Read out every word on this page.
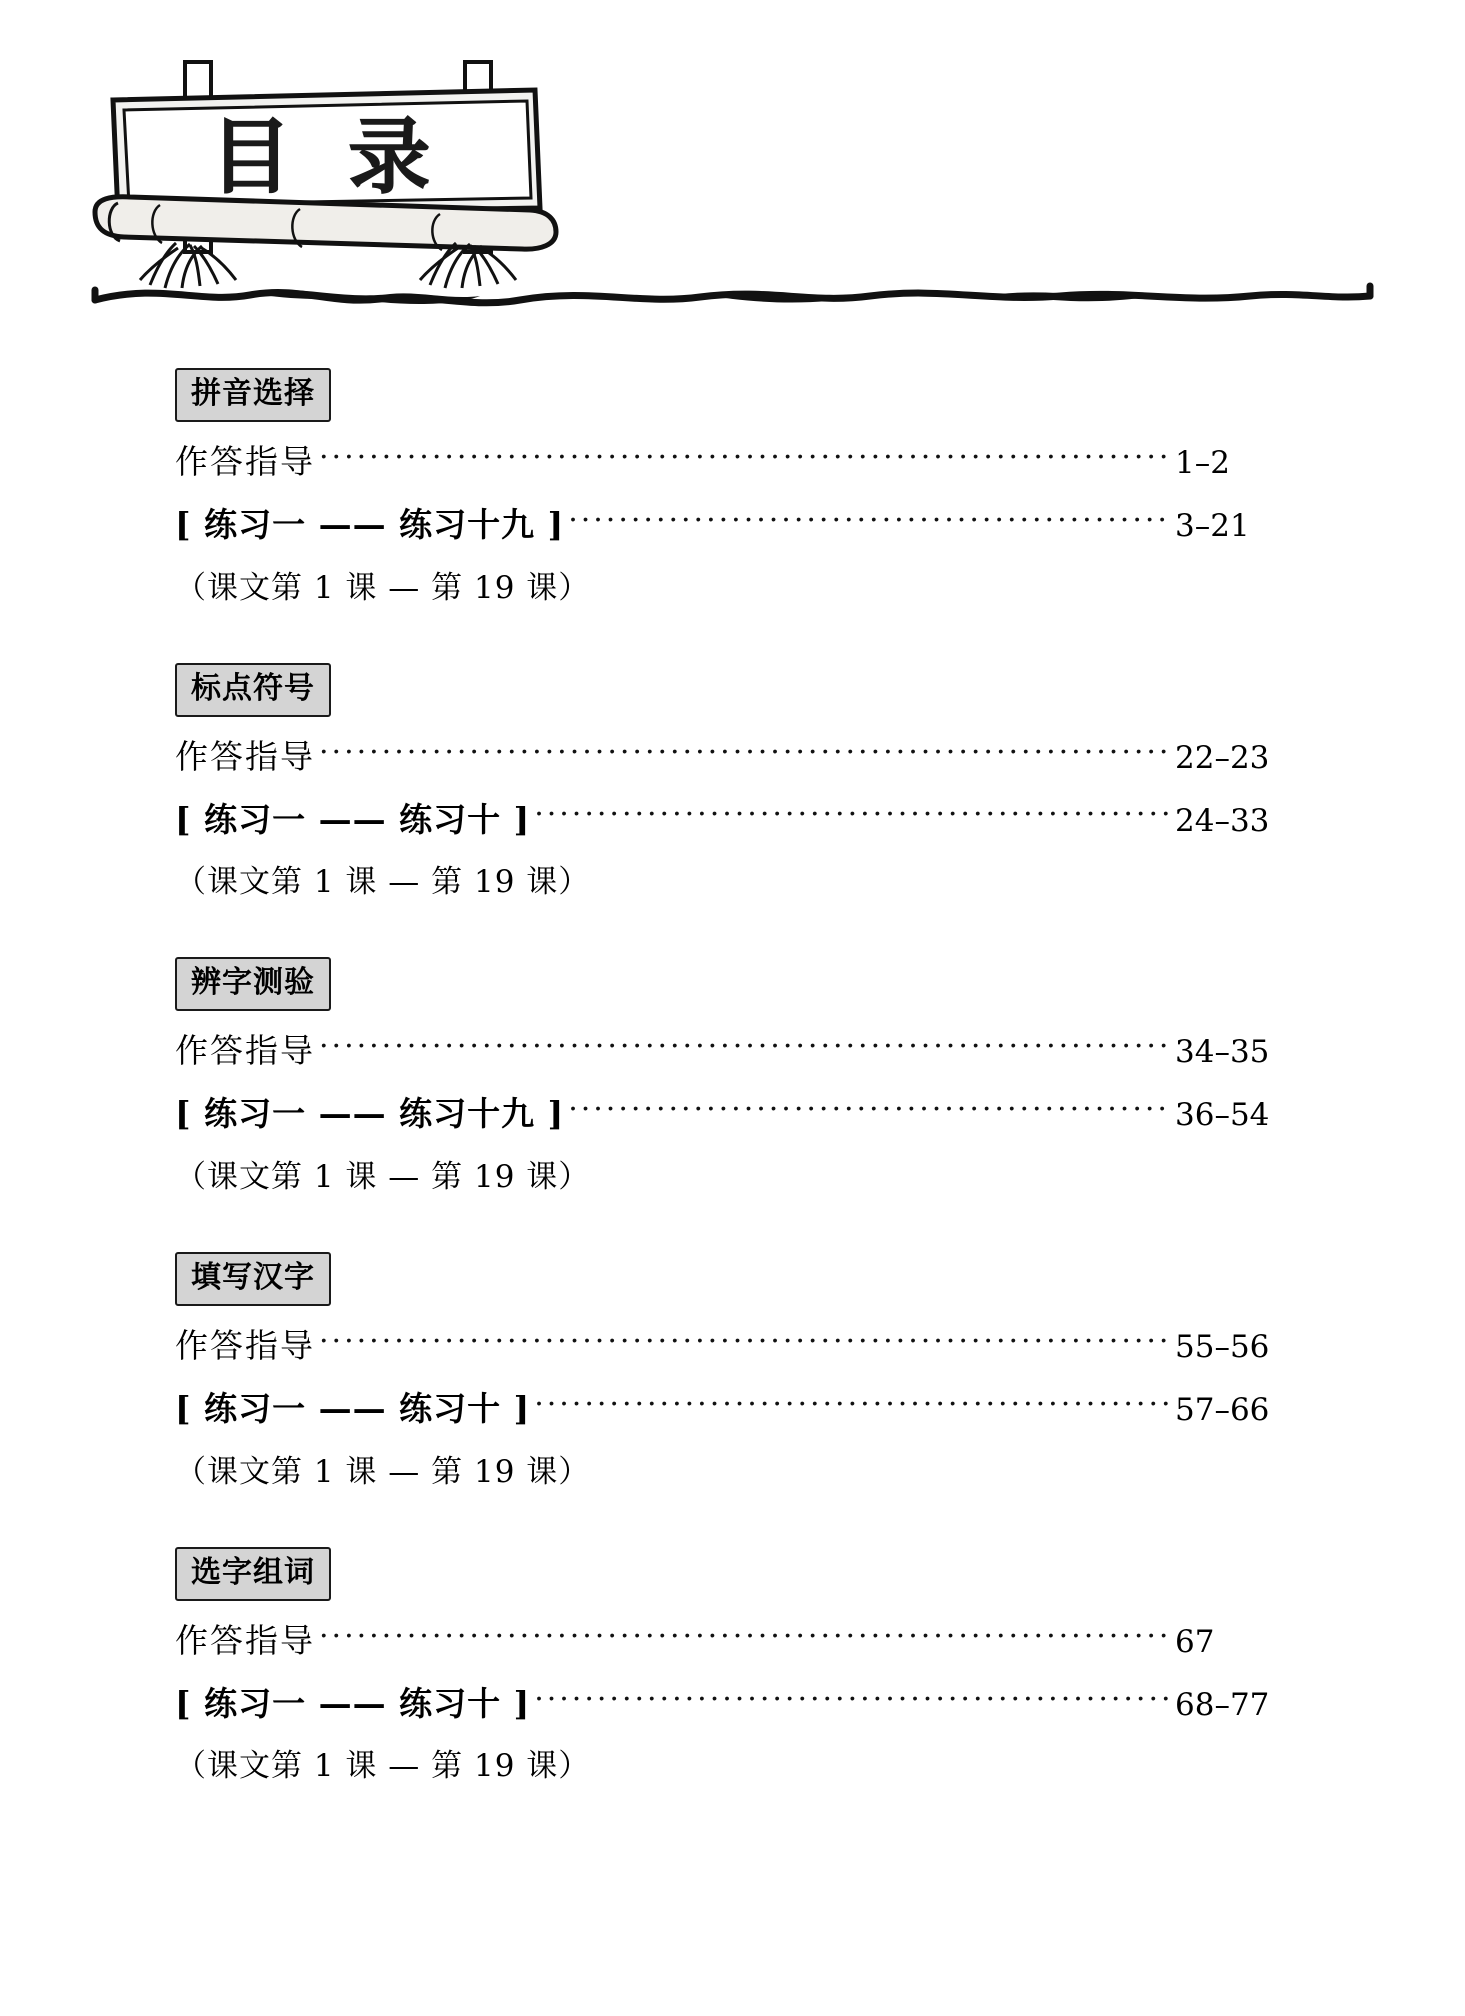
目 录
拼音选择
作答指导 .....	1–2
[ 练习一 —— 练习十九 ] .....	3–21
（课文第 1 课 — 第 19 课）
标点符号
作答指导 .....	22–23
[ 练习一 —— 练习十 ] .....	24–33
（课文第 1 课 — 第 19 课）
辨字测验
作答指导 .....	34–35
[ 练习一 —— 练习十九 ] .....	36–54
（课文第 1 课 — 第 19 课）
填写汉字
作答指导 .....	55–56
[ 练习一 —— 练习十 ] .....	57–66
（课文第 1 课 — 第 19 课）
选字组词
作答指导 .....	67
[ 练习一 —— 练习十 ] .....	68–77
（课文第 1 课 — 第 19 课）
